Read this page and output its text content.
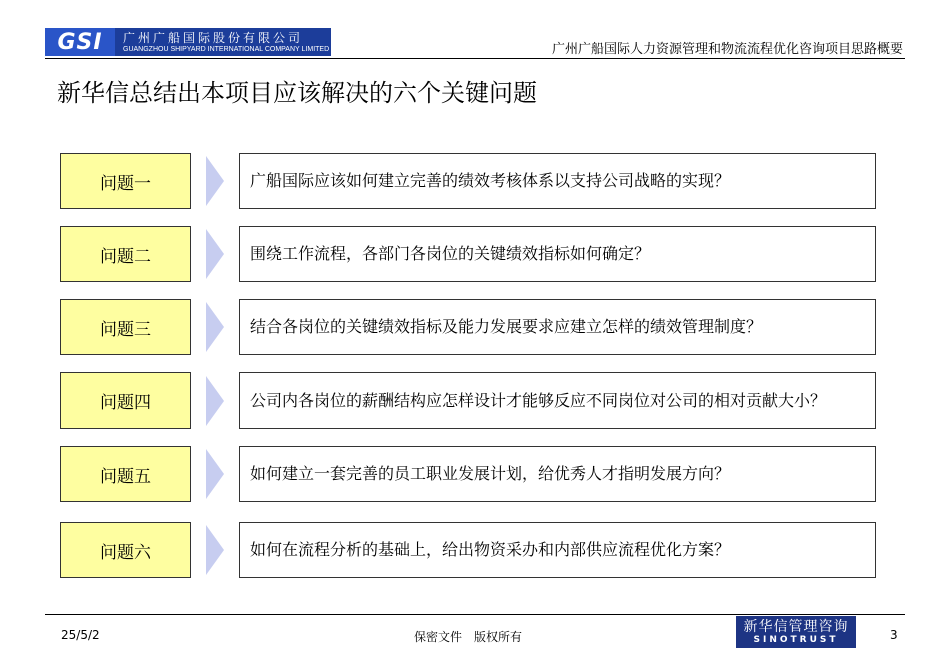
GSI	广州广船国际股份有限公司
GUANGZHOU SHIPYARD INTERNATIONAL COMPANY LIMITED	广州广船国际人力资源管理和物流流程优化咨询项目思路概要
新华信总结出本项目应该解决的六个关键问题
问题一	广船国际应该如何建立完善的绩效考核体系以支持公司战略的实现？
问题二	围绕工作流程，各部门各岗位的关键绩效指标如何确定？
问题三	结合各岗位的关键绩效指标及能力发展要求应建立怎样的绩效管理制度？
问题四	公司内各岗位的薪酬结构应怎样设计才能够反应不同岗位对公司的相对贡献大小？
问题五	如何建立一套完善的员工职业发展计划，给优秀人才指明发展方向？
问题六	如何在流程分析的基础上，给出物资采办和内部供应流程优化方案？
25/5/2	保密文件　版权所有
新华信管理咨询
SINOTRUST	3
